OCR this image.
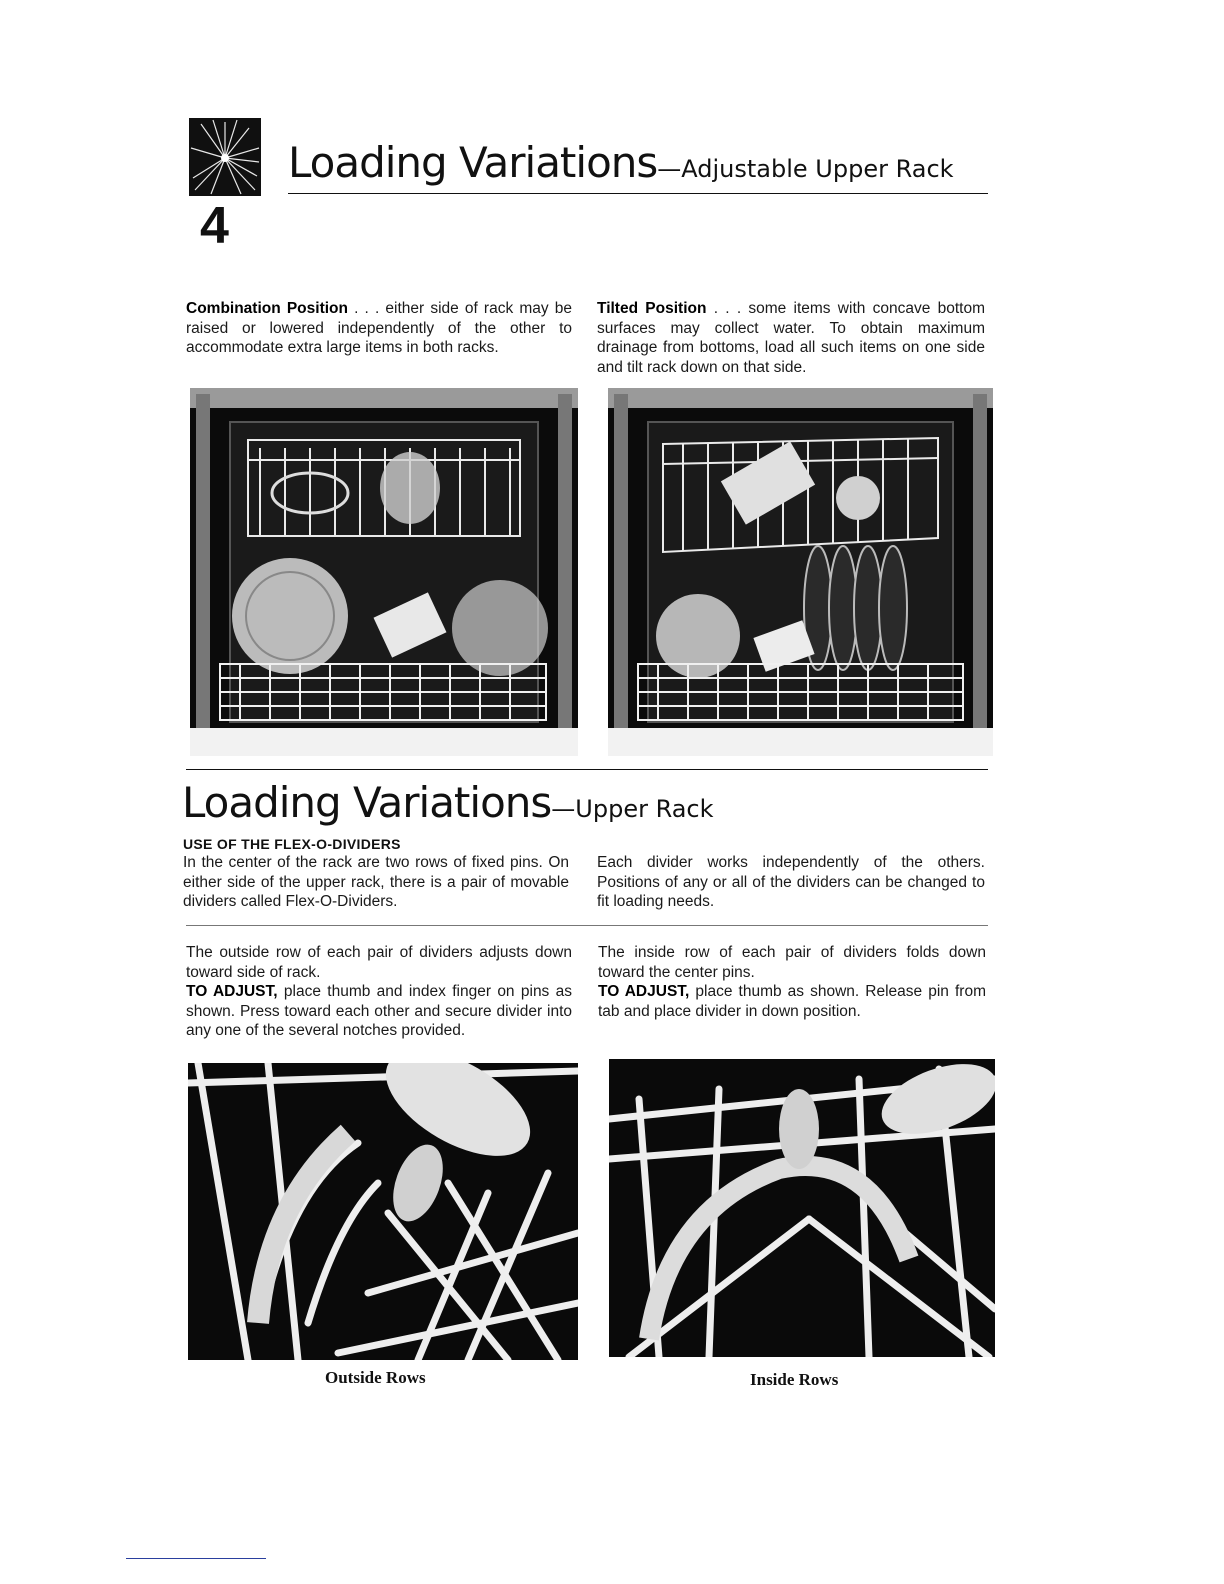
4
Loading Variations—Adjustable Upper Rack

Combination Position . . . either side of rack may be raised or lowered independently of the other to accommodate extra large items in both racks.

Tilted Position . . . some items with concave bottom surfaces may collect water. To obtain maximum drainage from bottoms, load all such items on one side and tilt rack down on that side.

Loading Variations—Upper Rack
USE OF THE FLEX-O-DIVIDERS

In the center of the rack are two rows of fixed pins. On either side of the upper rack, there is a pair of movable dividers called Flex-O-Dividers.

Each divider works independently of the others. Positions of any or all of the dividers can be changed to fit loading needs.

The outside row of each pair of dividers adjusts down toward side of rack.
TO ADJUST, place thumb and index finger on pins as shown. Press toward each other and secure divider into any one of the several notches provided.

The inside row of each pair of dividers folds down toward the center pins.
TO ADJUST, place thumb as shown. Release pin from tab and place divider in down position.

Outside Rows	Inside Rows
